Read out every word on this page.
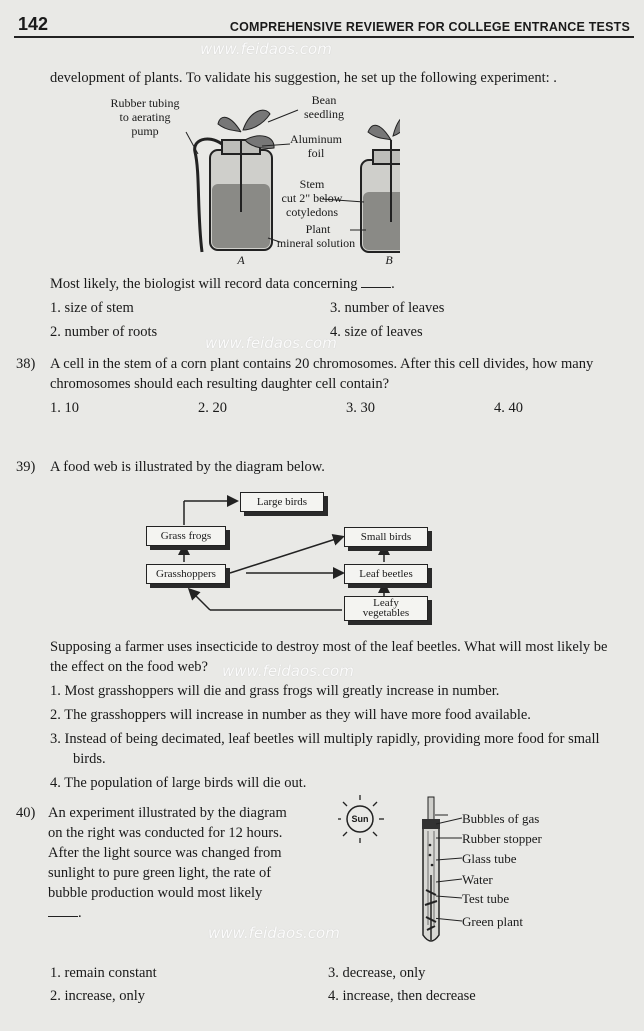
142	COMPREHENSIVE REVIEWER FOR COLLEGE ENTRANCE TESTS
www.feidaos.com
development of plants. To validate his suggestion, he set up the following experiment: .
Rubber tubing
to aerating
pump
Bean
seedling
Aluminum
foil
Stem
cut 2" below
cotyledons
Plant
mineral solution
A	B
Most likely, the biologist will record data concerning .
1. size of stem	3. number of leaves
2. number of roots	4. size of leaves
www.feidaos.com
38) A cell in the stem of a corn plant contains 20 chromosomes. After this cell divides, how many
chromosomes should each resulting daughter cell contain?
1. 10	2. 20	3. 30	4. 40
39) A food web is illustrated by the diagram below.
Large birds
Grass frogs	Small birds
Grasshoppers	Leaf beetles
Leafy
vegetables
Supposing a farmer uses insecticide to destroy most of the leaf beetles. What will most likely be
the effect on the food web? www.feidaos.com
1. Most grasshoppers will die and grass frogs will greatly increase in number.
2. The grasshoppers will increase in number as they will have more food available.
3. Instead of being decimated, leaf beetles will multiply rapidly, providing more food for small
birds.
4. The population of large birds will die out.
40) An experiment illustrated by the diagram
on the right was conducted for 12 hours.
After the light source was changed from
sunlight to pure green light, the rate of
bubble production would most likely
.
Bubbles of gas
Rubber stopper
Glass tube
Water
Test tube
Green plant
Sun
www.feidaos.com
1. remain constant	3. decrease, only
2. increase, only	4. increase, then decrease
